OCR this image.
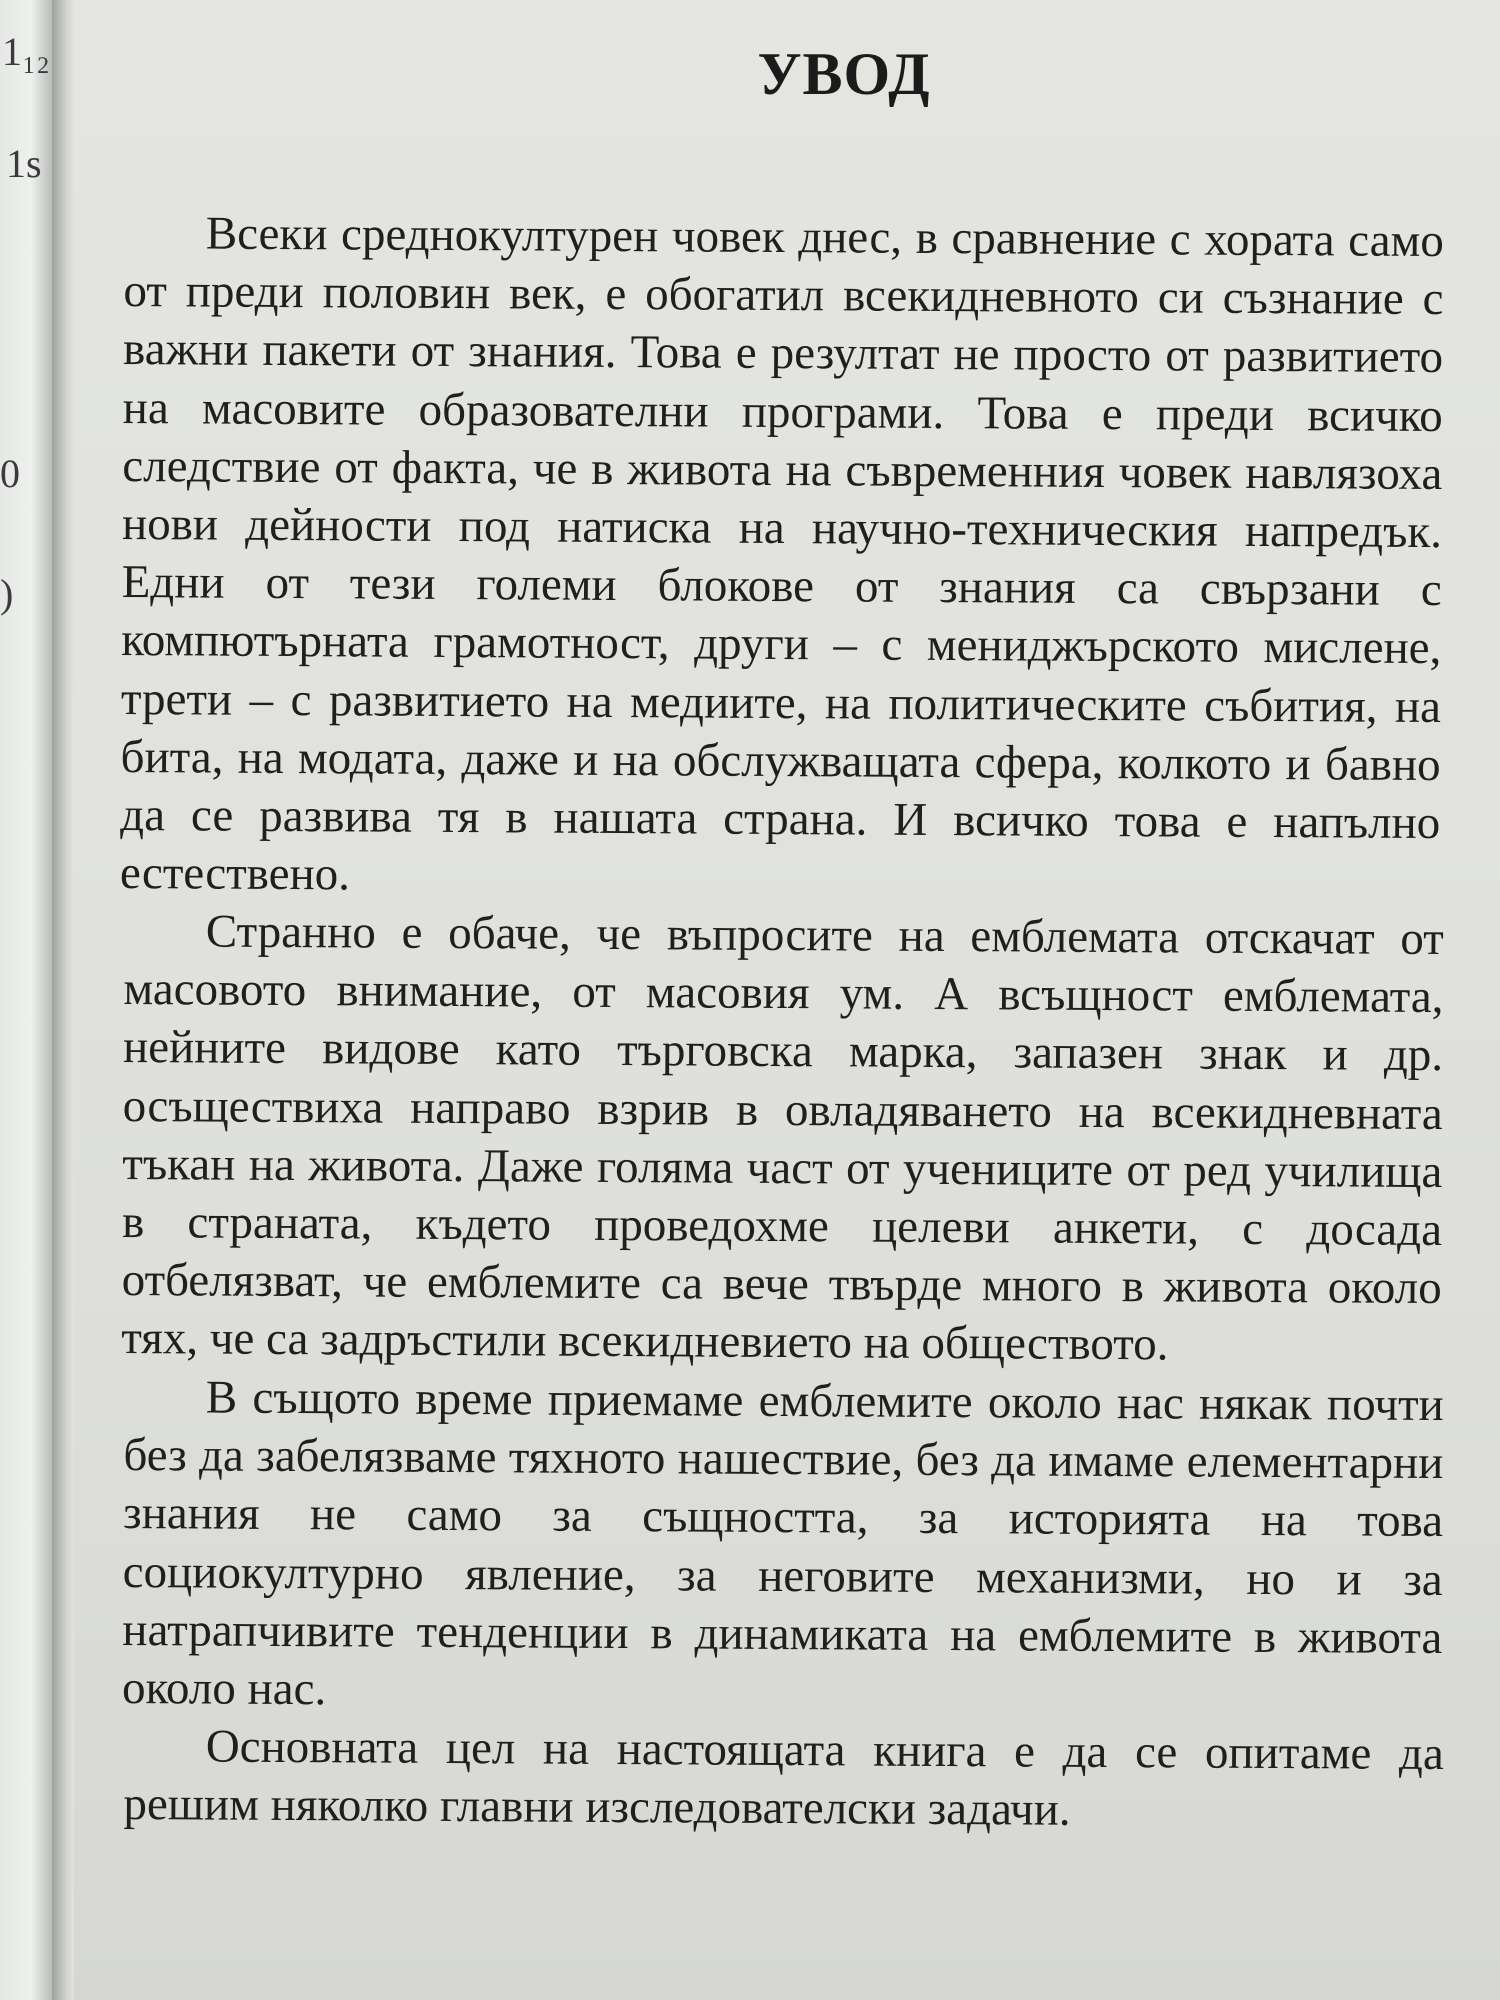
1₁₂
1ѕ
0
)
УВОД

Всеки среднокултурен човек днес, в сравнение с хората само от преди половин век, е обогатил всекидневното си съзнание с важни пакети от знания. Това е резултат не просто от развитието на масовите образователни програми. Това е преди всичко следствие от факта, че в живота на съвременния човек навлязоха нови дейности под натиска на научно-техническия напредък. Едни от тези големи блокове от знания са свързани с компютърната грамотност, други – с мениджърското мислене, трети – с развитието на медиите, на политическите събития, на бита, на модата, даже и на обслужващата сфера, колкото и бавно да се развива тя в нашата страна. И всичко това е напълно естествено.

Странно е обаче, че въпросите на емблемата отскачат от масовото внимание, от масовия ум. А всъщност емблемата, нейните видове като търговска марка, запазен знак и др. осъществиха направо взрив в овладяването на всекидневната тъкан на живота. Даже голяма част от учениците от ред училища в страната, където проведохме целеви анкети, с досада отбелязват, че емблемите са вече твърде много в живота около тях, че са задръстили всекидневието на обществото.

В същото време приемаме емблемите около нас някак почти без да забелязваме тяхното нашествие, без да имаме елементарни знания не само за същността, за историята на това социокултурно явление, за неговите механизми, но и за натрапчивите тенденции в динамиката на емблемите в живота около нас.

Основната цел на настоящата книга е да се опитаме да решим няколко главни изследователски задачи.
